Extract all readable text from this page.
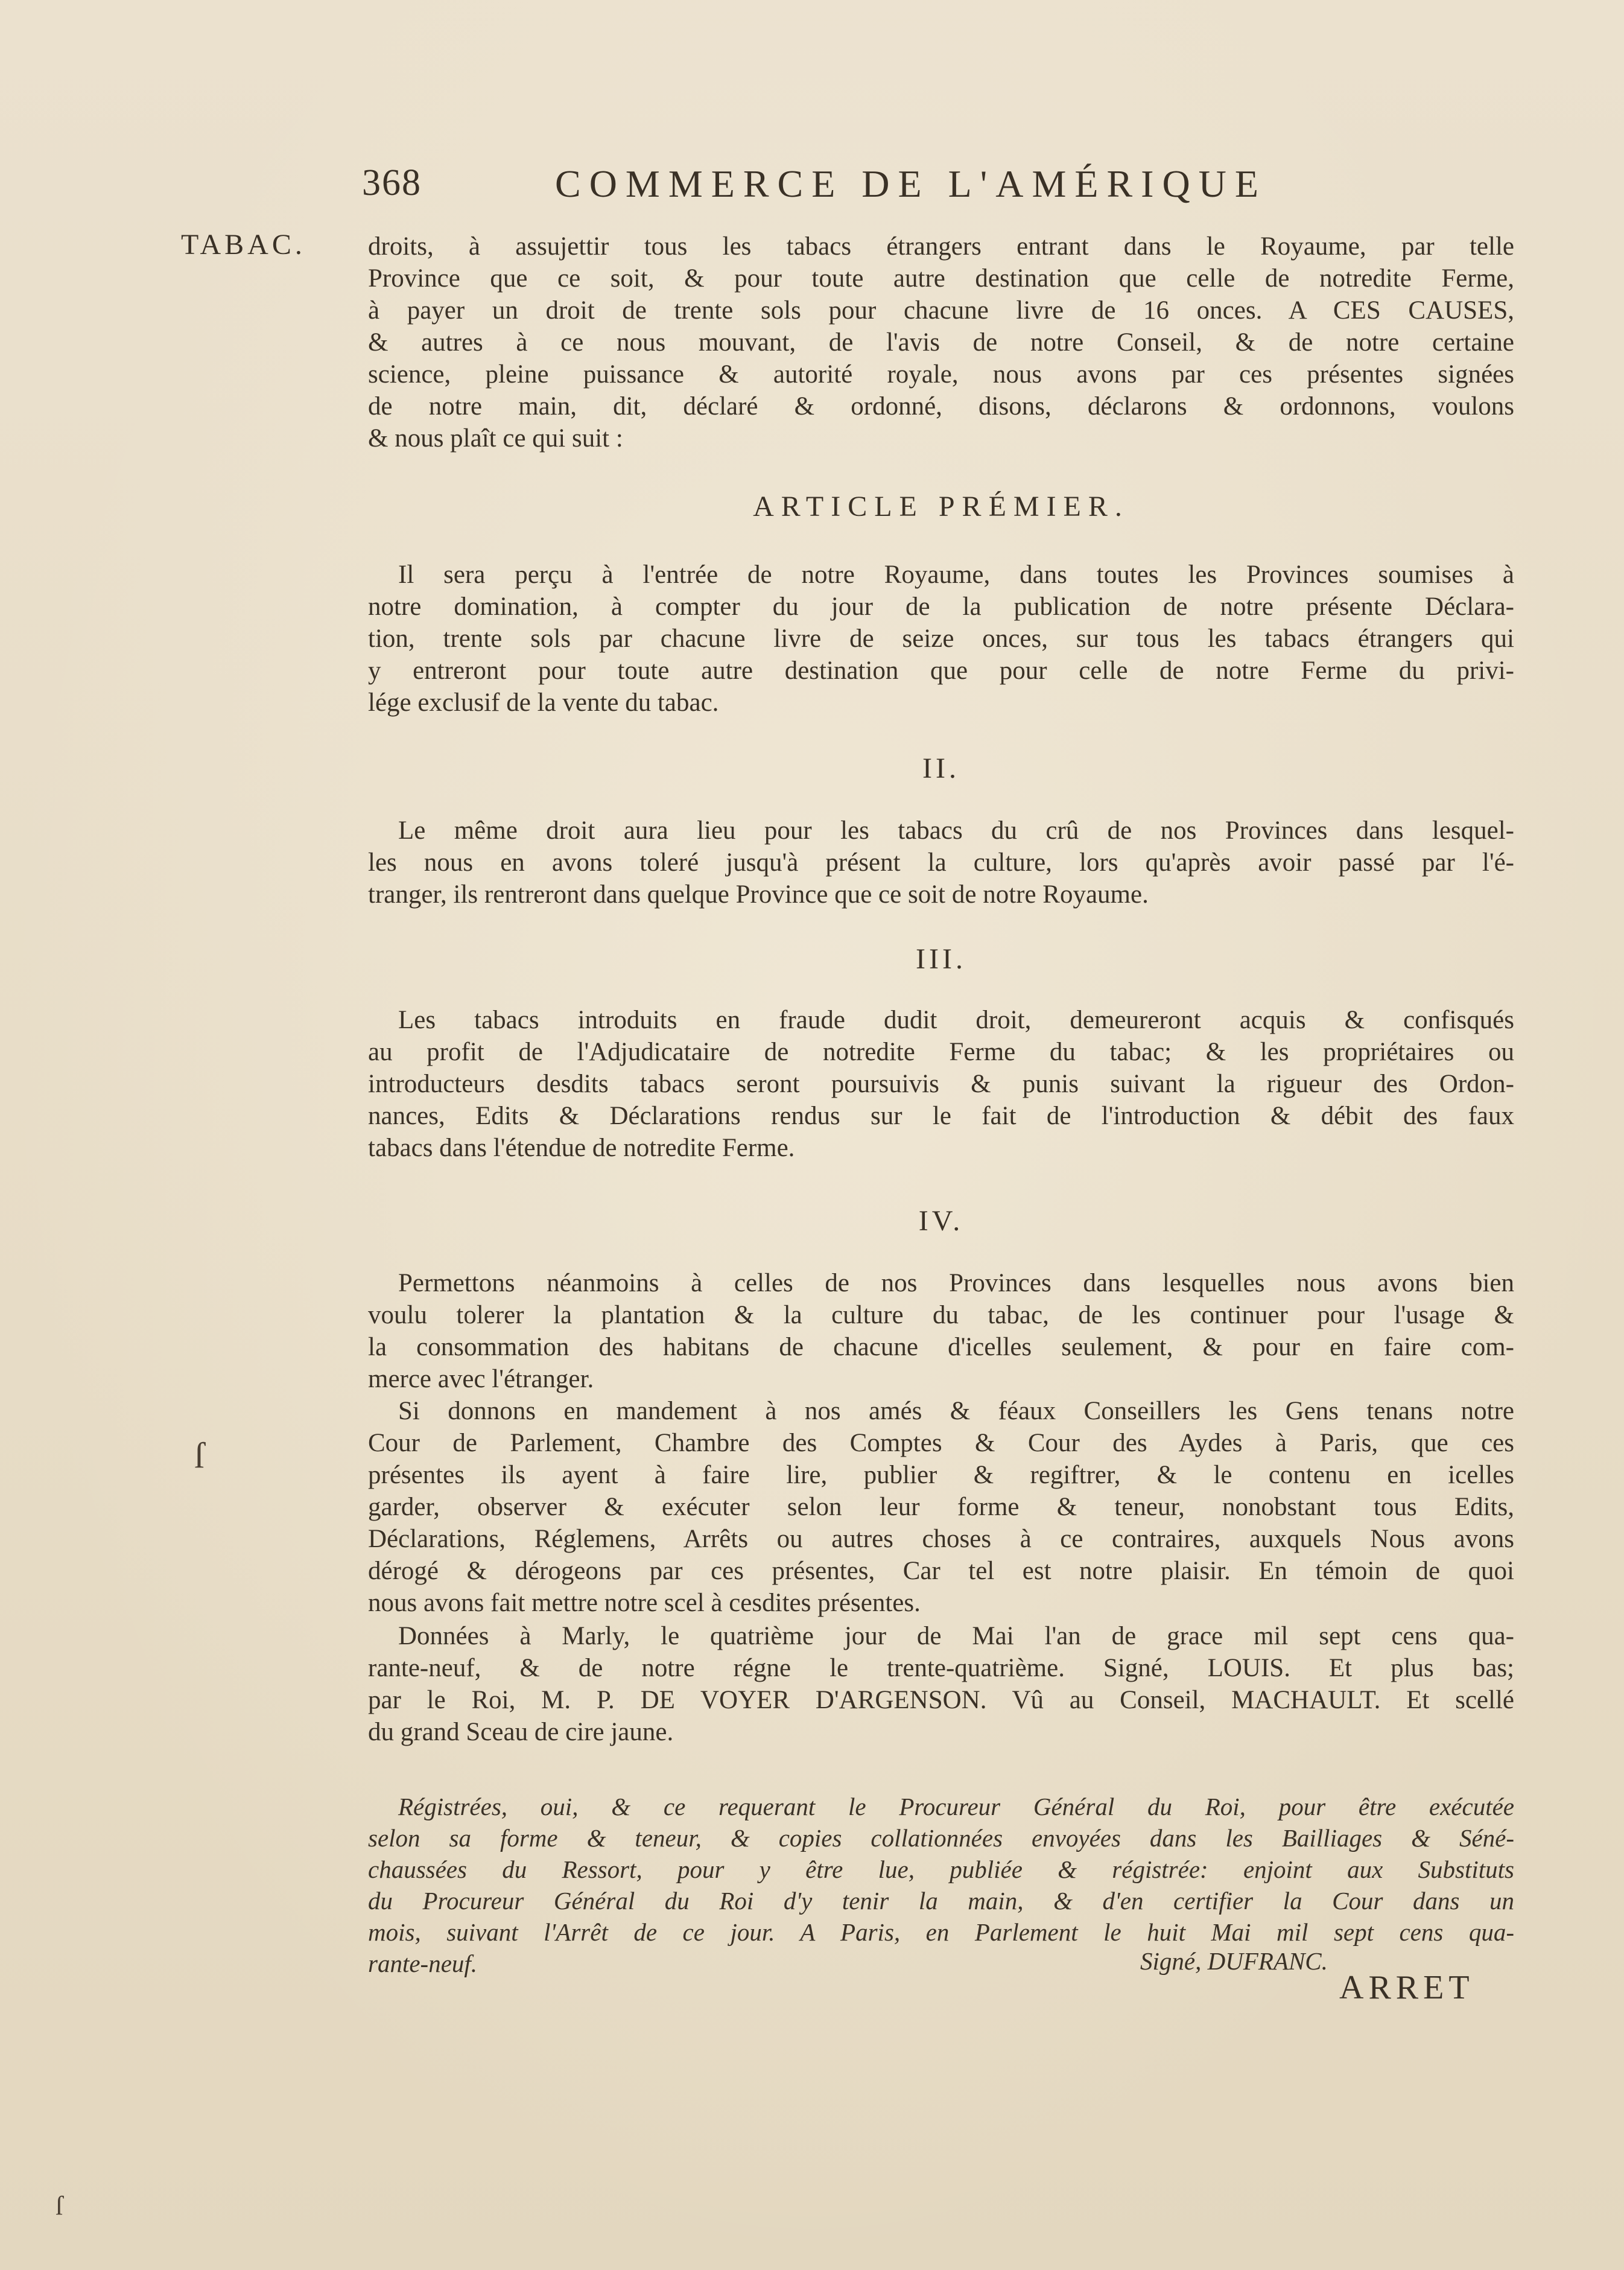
368	COMMERCE DE L'AMÉRIQUE
TABAC. droits, à assujettir tous les tabacs étrangers entrant dans le Royaume, par telle
Province que ce soit, & pour toute autre destination que celle de notredite Ferme,
à payer un droit de trente sols pour chacune livre de 16 onces. A CES CAUSES,
& autres à ce nous mouvant, de l'avis de notre Conseil, & de notre certaine
science, pleine puissance & autorité royale, nous avons par ces présentes signées
de notre main, dit, déclaré & ordonné, disons, déclarons & ordonnons, voulons
& nous plaît ce qui suit :
ARTICLE PRÉMIER.
Il sera perçu à l'entrée de notre Royaume, dans toutes les Provinces soumises à
notre domination, à compter du jour de la publication de notre présente Déclara-
tion, trente sols par chacune livre de seize onces, sur tous les tabacs étrangers qui
y entreront pour toute autre destination que pour celle de notre Ferme du privi-
lége exclusif de la vente du tabac.
II.
Le même droit aura lieu pour les tabacs du crû de nos Provinces dans lesquel-
les nous en avons toleré jusqu'à présent la culture, lors qu'après avoir passé par l'é-
tranger, ils rentreront dans quelque Province que ce soit de notre Royaume.
III.
Les tabacs introduits en fraude dudit droit, demeureront acquis & confisqués
au profit de l'Adjudicataire de notredite Ferme du tabac; & les propriétaires ou
introducteurs desdits tabacs seront poursuivis & punis suivant la rigueur des Ordon-
nances, Edits & Déclarations rendus sur le fait de l'introduction & débit des faux
tabacs dans l'étendue de notredite Ferme.
IV.
Permettons néanmoins à celles de nos Provinces dans lesquelles nous avons bien
voulu tolerer la plantation & la culture du tabac, de les continuer pour l'usage &
la consommation des habitans de chacune d'icelles seulement, & pour en faire com-
merce avec l'étranger.
Si donnons en mandement à nos amés & féaux Conseillers les Gens tenans notre
Cour de Parlement, Chambre des Comptes & Cour des Aydes à Paris, que ces
présentes ils ayent à faire lire, publier & regiftrer, & le contenu en icelles
garder, observer & exécuter selon leur forme & teneur, nonobstant tous Edits,
Déclarations, Réglemens, Arrêts ou autres choses à ce contraires, auxquels Nous avons
dérogé & dérogeons par ces présentes, Car tel est notre plaisir. En témoin de quoi
nous avons fait mettre notre scel à cesdites présentes.
Données à Marly, le quatrième jour de Mai l'an de grace mil sept cens qua-
rante-neuf, & de notre régne le trente-quatrième. Signé, LOUIS. Et plus bas;
par le Roi, M. P. DE VOYER D'ARGENSON. Vû au Conseil, MACHAULT. Et scellé
du grand Sceau de cire jaune.
Régistrées, oui, & ce requerant le Procureur Général du Roi, pour être exécutée
selon sa forme & teneur, & copies collationnées envoyées dans les Bailliages & Séné-
chaussées du Ressort, pour y être lue, publiée & régistrée: enjoint aux Substituts
du Procureur Général du Roi d'y tenir la main, & d'en certifier la Cour dans un
mois, suivant l'Arrêt de ce jour. A Paris, en Parlement le huit Mai mil sept cens qua-
rante-neuf.	Signé, DUFRANC.
ARRET
ſ
ſ
